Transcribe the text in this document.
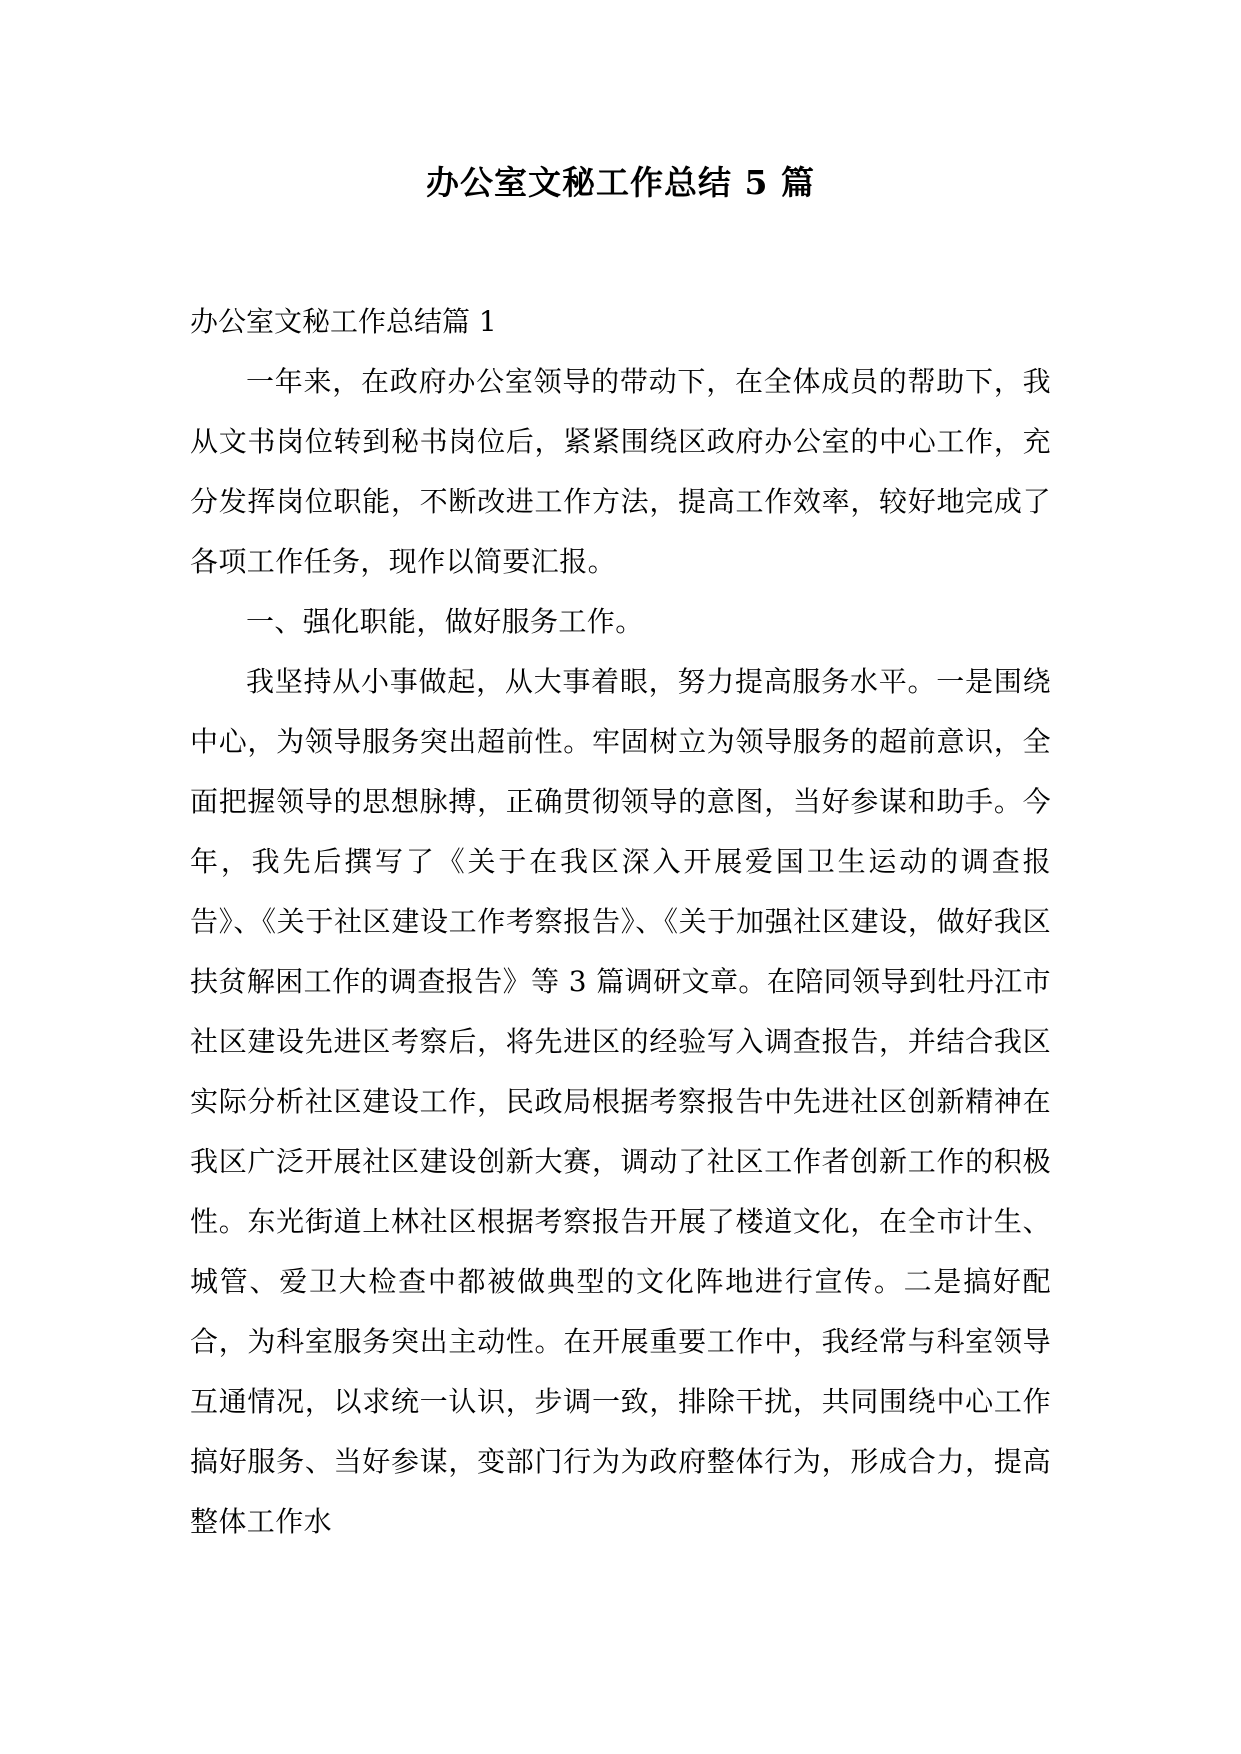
办公室文秘工作总结 5 篇

办公室文秘工作总结篇 1

一年来，在政府办公室领导的带动下，在全体成员的帮助下，我从文书岗位转到秘书岗位后，紧紧围绕区政府办公室的中心工作，充分发挥岗位职能，不断改进工作方法，提高工作效率，较好地完成了各项工作任务，现作以简要汇报。

一、强化职能，做好服务工作。

我坚持从小事做起，从大事着眼，努力提高服务水平。一是围绕中心，为领导服务突出超前性。牢固树立为领导服务的超前意识，全面把握领导的思想脉搏，正确贯彻领导的意图，当好参谋和助手。今年，我先后撰写了《关于在我区深入开展爱国卫生运动的调查报告》、《关于社区建设工作考察报告》、《关于加强社区建设，做好我区扶贫解困工作的调查报告》等 3 篇调研文章。在陪同领导到牡丹江市社区建设先进区考察后，将先进区的经验写入调查报告，并结合我区实际分析社区建设工作，民政局根据考察报告中先进社区创新精神在我区广泛开展社区建设创新大赛，调动了社区工作者创新工作的积极性。东光街道上林社区根据考察报告开展了楼道文化，在全市计生、城管、爱卫大检查中都被做典型的文化阵地进行宣传。二是搞好配合，为科室服务突出主动性。在开展重要工作中，我经常与科室领导互通情况，以求统一认识，步调一致，排除干扰，共同围绕中心工作搞好服务、当好参谋，变部门行为为政府整体行为，形成合力，提高整体工作水
